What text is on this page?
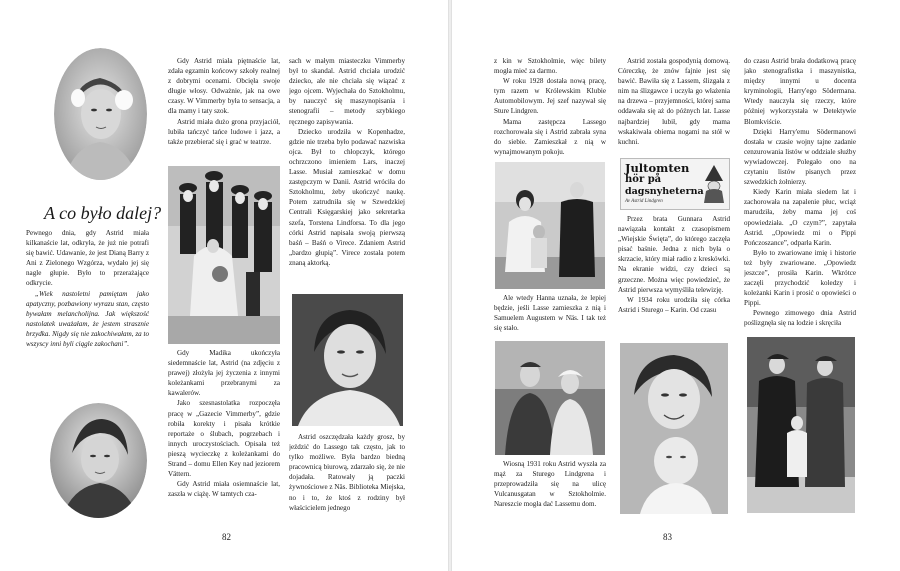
A co było dalej?

Pewnego dnia, gdy Astrid miała kilkanaście lat, odkryła, że już nie potrafi się bawić. Udawanie, że jest Dianą Barry z Ani z Zielonego Wzgórza, wydało jej się nagle głupie. Było to przerażające odkrycie.

„Wiek nastoletni pamiętam jako apatyczny, pozbawiony wyrazu stan, często bywałam melancholijna. Jak większość nastolatek uważałam, że jestem strasznie brzydka. Nigdy się nie zakochiwałam, za to wszyscy inni byli ciągle zakochani”.

Gdy Astrid miała piętnaście lat, zdała egzamin końcowy szkoły realnej z dobrymi ocenami. Obcięła swoje długie włosy. Odważnie, jak na owe czasy. W Vimmerby była to sensacja, a dla mamy i taty szok.

Astrid miała dużo grona przyjaciół, lubiła tańczyć tańce ludowe i jazz, a także przebierać się i grać w teatrze.

Gdy Madika ukończyła siedemnaście lat, Astrid (na zdjęciu z prawej) złożyła jej życzenia z innymi koleżankami przebranymi za kawalerów.

Jako szesnastolatka rozpoczęła pracę w „Gazecie Vimmerby”, gdzie robiła korekty i pisała krótkie reportaże o ślubach, pogrzebach i innych uroczystościach. Opisała też pieszą wycieczkę z koleżankami do Strand – domu Ellen Key nad jeziorem Vättern.

Gdy Astrid miała osiemnaście lat, zaszła w ciążę. W tamtych cza-

sach w małym miasteczku Vimmerby był to skandal. Astrid chciała urodzić dziecko, ale nie chciała się wiązać z jego ojcem. Wyjechała do Sztokholmu, by nauczyć się maszynopisania i stenografii – metody szybkiego ręcznego zapisywania.

Dziecko urodziła w Kopenhadze, gdzie nie trzeba było podawać nazwiska ojca. Był to chłopczyk, którego ochrzczono imieniem Lars, inaczej Lasse. Musiał zamieszkać w domu zastępczym w Danii. Astrid wróciła do Sztokholmu, żeby ukończyć naukę. Potem zatrudniła się w Szwedzkiej Centrali Księgarskiej jako sekretarka szefa, Torstena Lindforsa. To dla jego córki Astrid napisała swoją pierwszą baśń – Baśń o Virece. Zdaniem Astrid „bardzo głupią”. Virece została potem znaną aktorką.

Astrid oszczędzała każdy grosz, by jeździć do Lassego tak często, jak to tylko możliwe. Była bardzo biedną pracownicą biurową, zdarzało się, że nie dojadała. Ratowały ją paczki żywnościowe z Näs. Biblioteka Miejska, no i to, że ktoś z rodziny był właścicielem jednego

82

z kin w Sztokholmie, więc bilety mogła mieć za darmo.

W roku 1928 dostała nową pracę, tym razem w Królewskim Klubie Automobilowym. Jej szef nazywał się Sture Lindgren.

Mama zastępcza Lassego rozchorowała się i Astrid zabrała syna do siebie. Zamieszkał z nią w wynajmowanym pokoju.

Ale wtedy Hanna uznała, że lepiej będzie, jeśli Lasse zamieszka z nią i Samuelem Augustem w Näs. I tak też się stało.

Wiosną 1931 roku Astrid wyszła za mąż za Sturego Lindgrena i przeprowadziła się na ulicę Vulcanusgatan w Sztokholmie. Nareszcie mogła dać Lassemu dom.

Astrid została gospodynią domową. Córeczkę, że znów fajnie jest się bawić. Bawiła się z Lassem, ślizgała z nim na ślizgawce i uczyła go włażenia na drzewa – przyjemności, której sama oddawała się aż do późnych lat. Lasse najbardziej lubił, gdy mama wskakiwała obiema nogami na stół w kuchni.

Jultomten
hör på
dagsnyheterna
Av Astrid Lindgren

Przez brata Gunnara Astrid nawiązała kontakt z czasopismem „Wiejskie Święta”, do którego zaczęła pisać baśnie. Jedna z nich była o skrzacie, który miał radio z kreskówki. Na ekranie widzi, czy dzieci są grzeczne. Można więc powiedzieć, że Astrid pierwsza wymyśliła telewizję.

W 1934 roku urodziła się córka Astrid i Sturego – Karin. Od czasu

do czasu Astrid brała dodatkową pracę jako stenografistka i maszynistka, między innymi u docenta kryminologii, Harry'ego Södermana. Wtedy nauczyła się rzeczy, które później wykorzystała w Detektywie Blomkviście.

Dzięki Harry'emu Södermanowi dostała w czasie wojny tajne zadanie cenzurowania listów w oddziale służby wywiadowczej. Polegało ono na czytaniu listów pisanych przez szwedzkich żołnierzy.

Kiedy Karin miała siedem lat i zachorowała na zapalenie płuc, wciąż marudziła, żeby mama jej coś opowiedziała. „O czym?”, zapytała Astrid. „Opowiedz mi o Pippi Pończoszance”, odparła Karin.

Było to zwariowane imię i historie też były zwariowane. „Opowiedz jeszcze”, prosiła Karin. Wkrótce zaczęli przychodzić koledzy i koleżanki Karin i prosić o opowieści o Pippi.

Pewnego zimowego dnia Astrid poślizgnęła się na lodzie i skręciła

83
